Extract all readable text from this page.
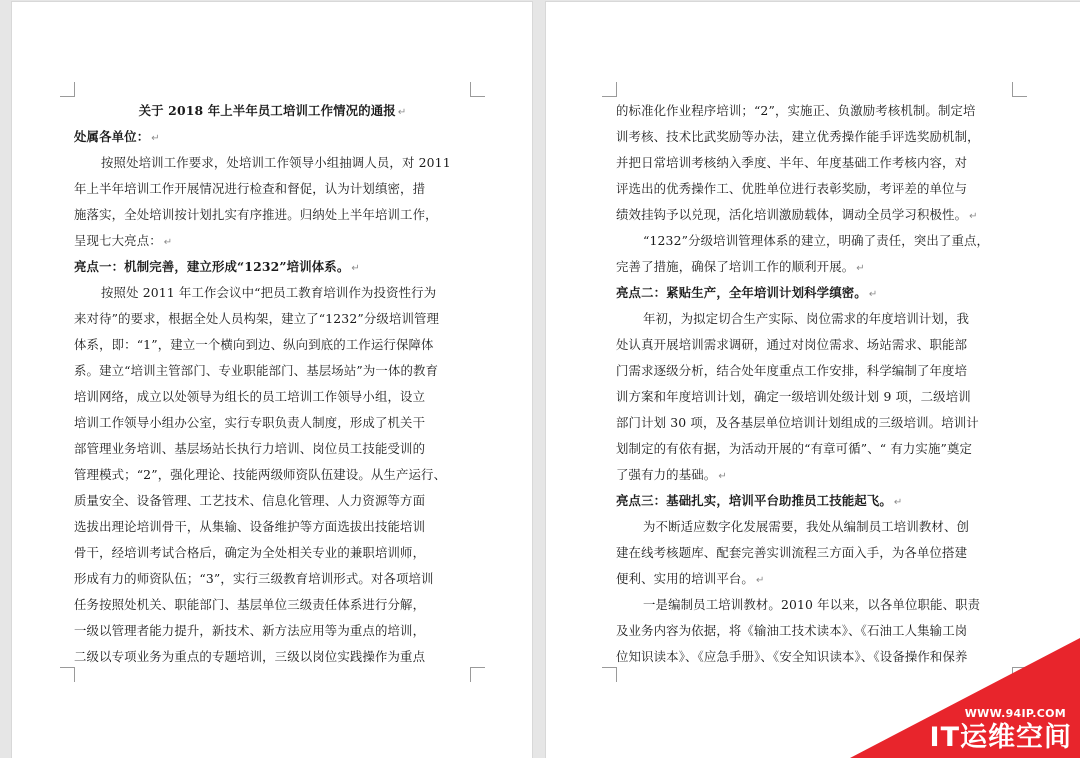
关于 2018 年上半年员工培训工作情况的通报 ↵
处属各单位： ↵
按照处培训工作要求，处培训工作领导小组抽调人员，对 2011
年上半年培训工作开展情况进行检查和督促，认为计划缜密，措
施落实，全处培训按计划扎实有序推进。归纳处上半年培训工作，
呈现七大亮点： ↵
亮点一：机制完善，建立形成“1232”培训体系。 ↵
按照处 2011 年工作会议中“把员工教育培训作为投资性行为
来对待”的要求，根据全处人员构架，建立了“1232”分级培训管理
体系，即：“1”，建立一个横向到边、纵向到底的工作运行保障体
系。建立“培训主管部门、专业职能部门、基层场站”为一体的教育
培训网络，成立以处领导为组长的员工培训工作领导小组，设立
培训工作领导小组办公室，实行专职负责人制度，形成了机关干
部管理业务培训、基层场站长执行力培训、岗位员工技能受训的
管理模式；“2”，强化理论、技能两级师资队伍建设。从生产运行、
质量安全、设备管理、工艺技术、信息化管理、人力资源等方面
选拔出理论培训骨干，从集输、设备维护等方面选拔出技能培训
骨干，经培训考试合格后，确定为全处相关专业的兼职培训师，
形成有力的师资队伍；“3”，实行三级教育培训形式。对各项培训
任务按照处机关、职能部门、基层单位三级责任体系进行分解，
一级以管理者能力提升，新技术、新方法应用等为重点的培训，
二级以专项业务为重点的专题培训，三级以岗位实践操作为重点
的标准化作业程序培训；“2”，实施正、负激励考核机制。制定培
训考核、技术比武奖励等办法，建立优秀操作能手评选奖励机制，
并把日常培训考核纳入季度、半年、年度基础工作考核内容，对
评选出的优秀操作工、优胜单位进行表彰奖励，考评差的单位与
绩效挂钩予以兑现，活化培训激励载体，调动全员学习积极性。 ↵
“1232”分级培训管理体系的建立，明确了责任，突出了重点，
完善了措施，确保了培训工作的顺利开展。 ↵
亮点二：紧贴生产，全年培训计划科学缜密。 ↵
年初，为拟定切合生产实际、岗位需求的年度培训计划，我
处认真开展培训需求调研，通过对岗位需求、场站需求、职能部
门需求逐级分析，结合处年度重点工作安排，科学编制了年度培
训方案和年度培训计划，确定一级培训处级计划 9 项，二级培训
部门计划 30 项，及各基层单位培训计划组成的三级培训。培训计
划制定的有依有据，为活动开展的“有章可循”、“ 有力实施”奠定
了强有力的基础。 ↵
亮点三：基础扎实，培训平台助推员工技能起飞。 ↵
为不断适应数字化发展需要，我处从编制员工培训教材、创
建在线考核题库、配套完善实训流程三方面入手，为各单位搭建
便利、实用的培训平台。 ↵
一是编制员工培训教材。2010 年以来，以各单位职能、职责
及业务内容为依据，将《输油工技术读本》、《石油工人集输工岗
位知识读本》、《应急手册》、《安全知识读本》、《设备操作和保养
WWW.94IP.COM
IT运维空间
